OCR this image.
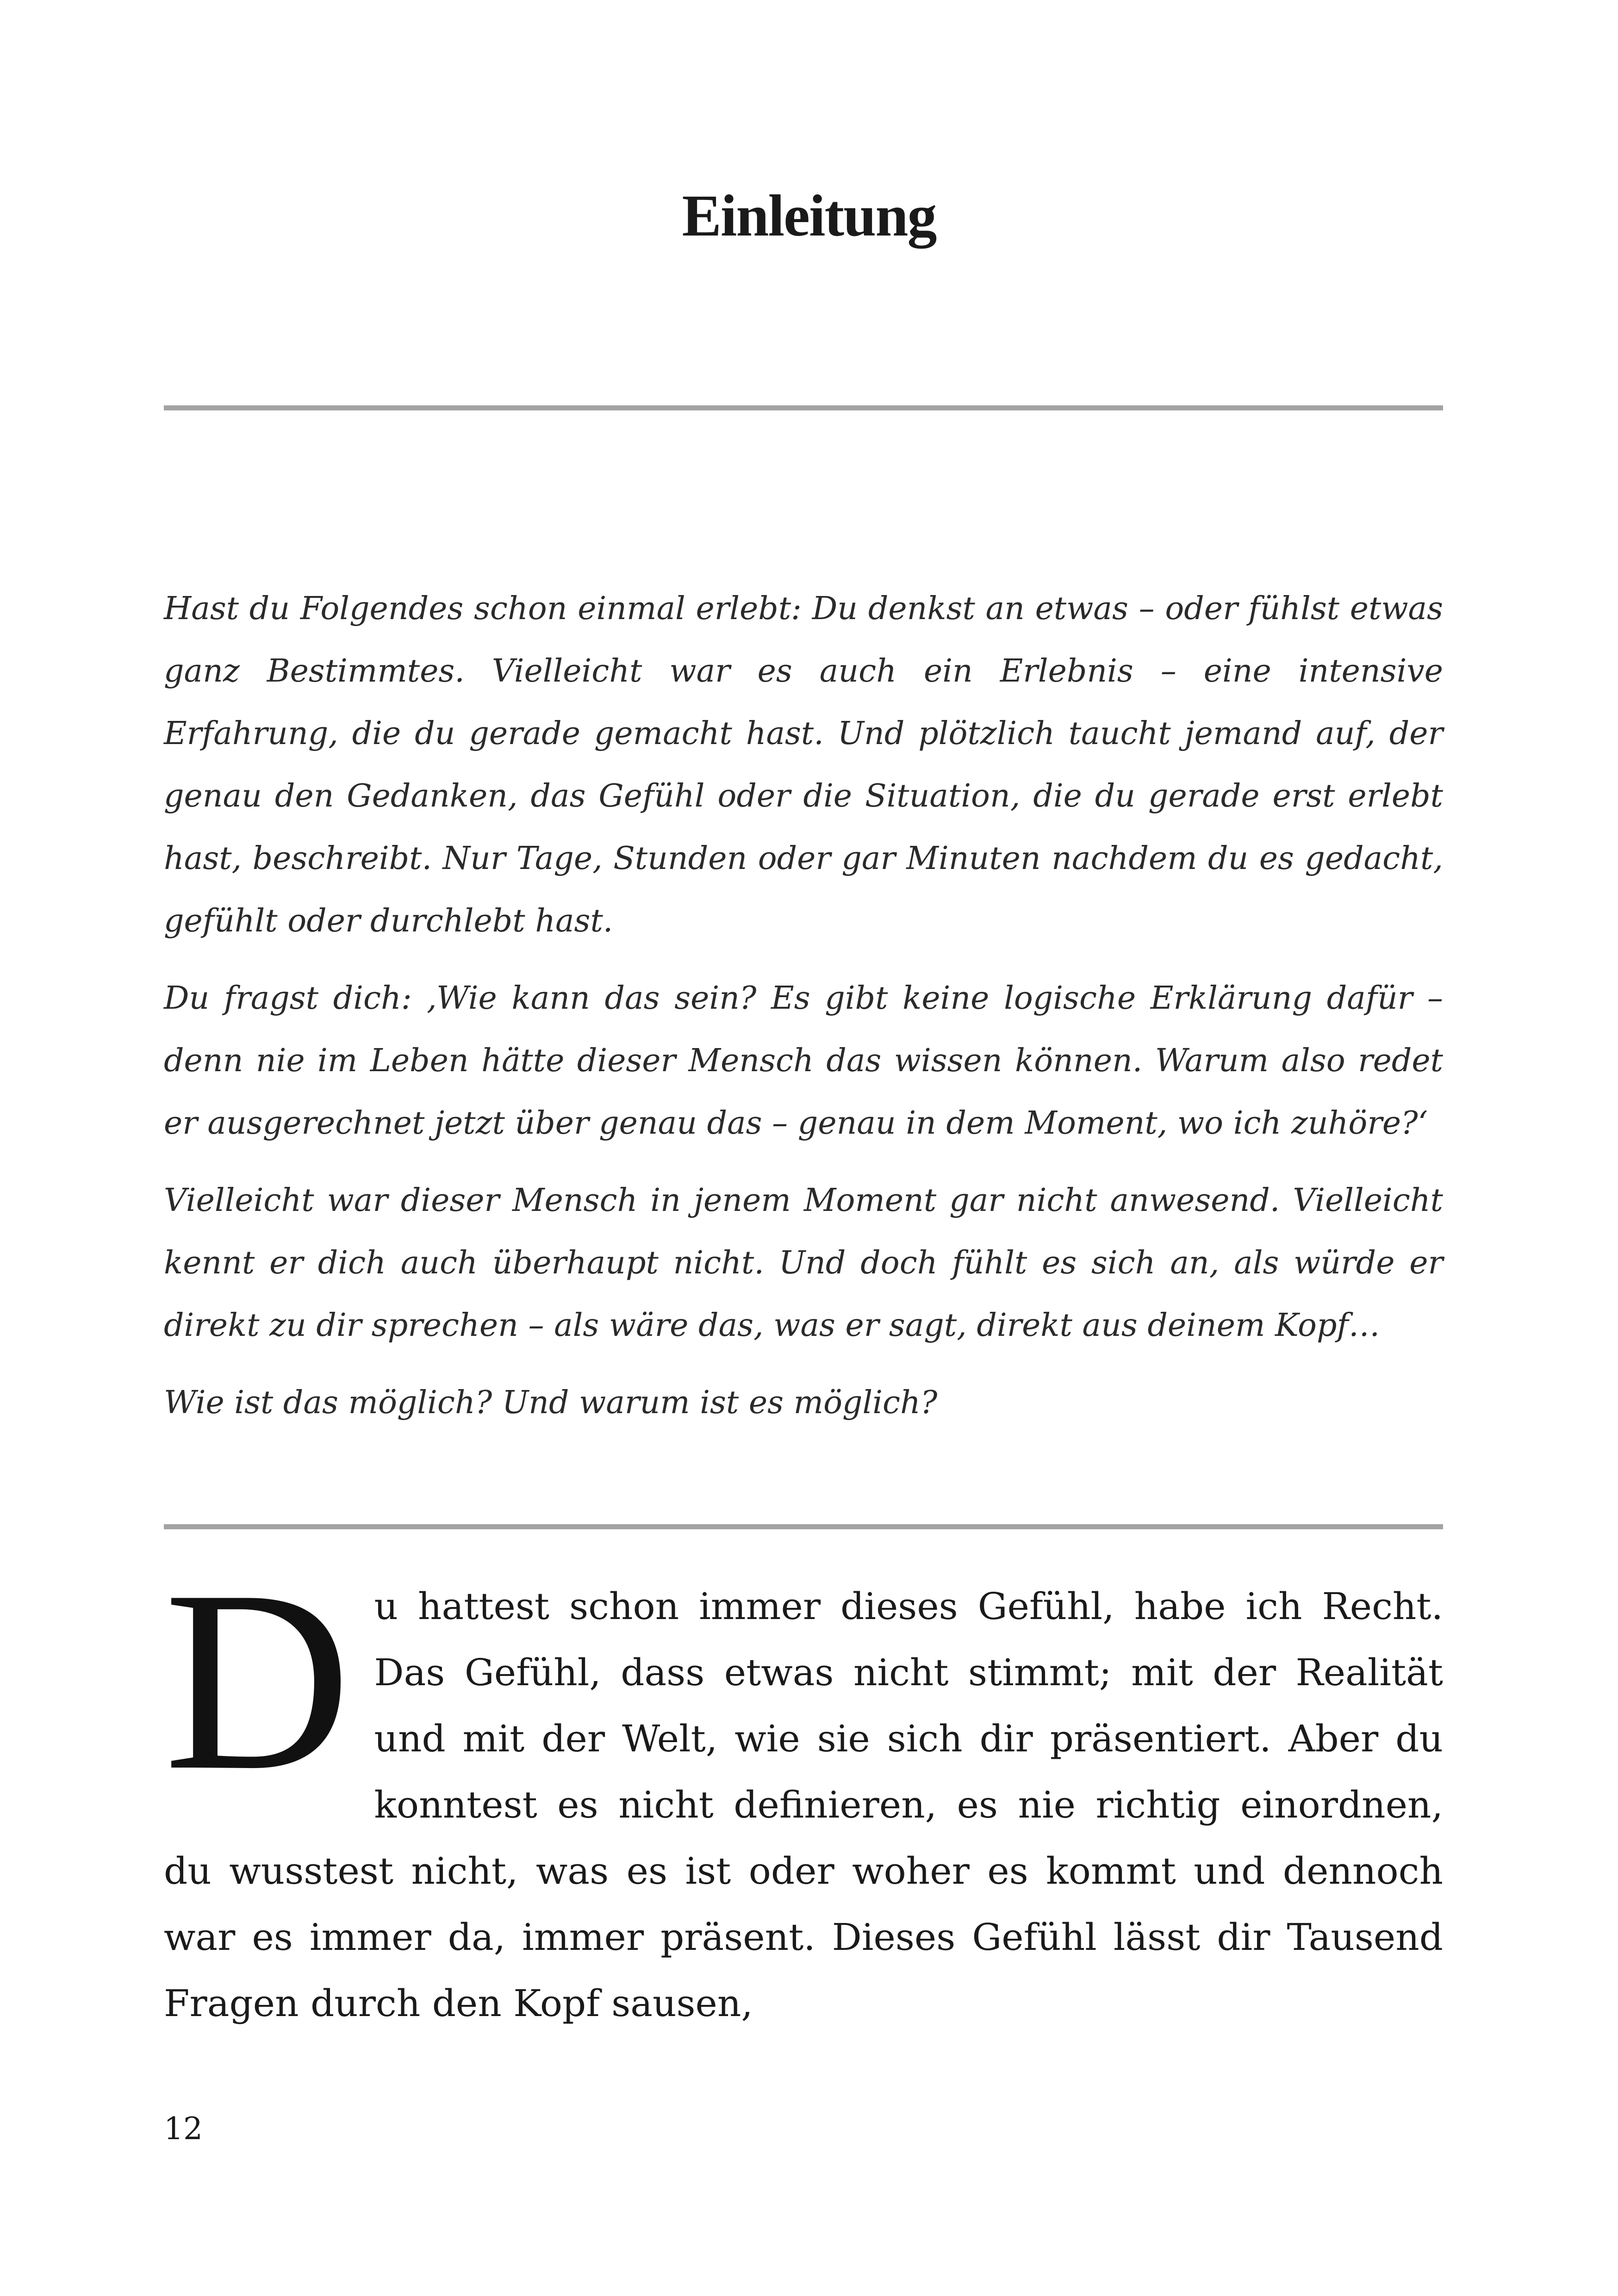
Einleitung

Hast du Folgendes schon einmal erlebt: Du denkst an etwas – oder fühlst etwas ganz Bestimmtes. Vielleicht war es auch ein Erlebnis – eine intensive Erfahrung, die du gerade gemacht hast. Und plötzlich taucht jemand auf, der genau den Gedanken, das Gefühl oder die Situation, die du gerade erst erlebt hast, beschreibt. Nur Tage, Stunden oder gar Minuten nachdem du es gedacht, gefühlt oder durchlebt hast.

Du fragst dich: ‚Wie kann das sein? Es gibt keine logische Erklärung dafür – denn nie im Leben hätte dieser Mensch das wissen können. Warum also redet er ausgerechnet jetzt über genau das – genau in dem Moment, wo ich zuhöre?‘

Vielleicht war dieser Mensch in jenem Moment gar nicht anwesend. Vielleicht kennt er dich auch überhaupt nicht. Und doch fühlt es sich an, als würde er direkt zu dir sprechen – als wäre das, was er sagt, direkt aus deinem Kopf…

Wie ist das möglich? Und warum ist es möglich?

Du hattest schon immer dieses Gefühl, habe ich Recht. Das Gefühl, dass etwas nicht stimmt; mit der Realität und mit der Welt, wie sie sich dir präsentiert. Aber du konntest es nicht definieren, es nie richtig einordnen, du wusstest nicht, was es ist oder woher es kommt und dennoch war es immer da, immer präsent. Dieses Gefühl lässt dir Tausend Fragen durch den Kopf sausen,

12
